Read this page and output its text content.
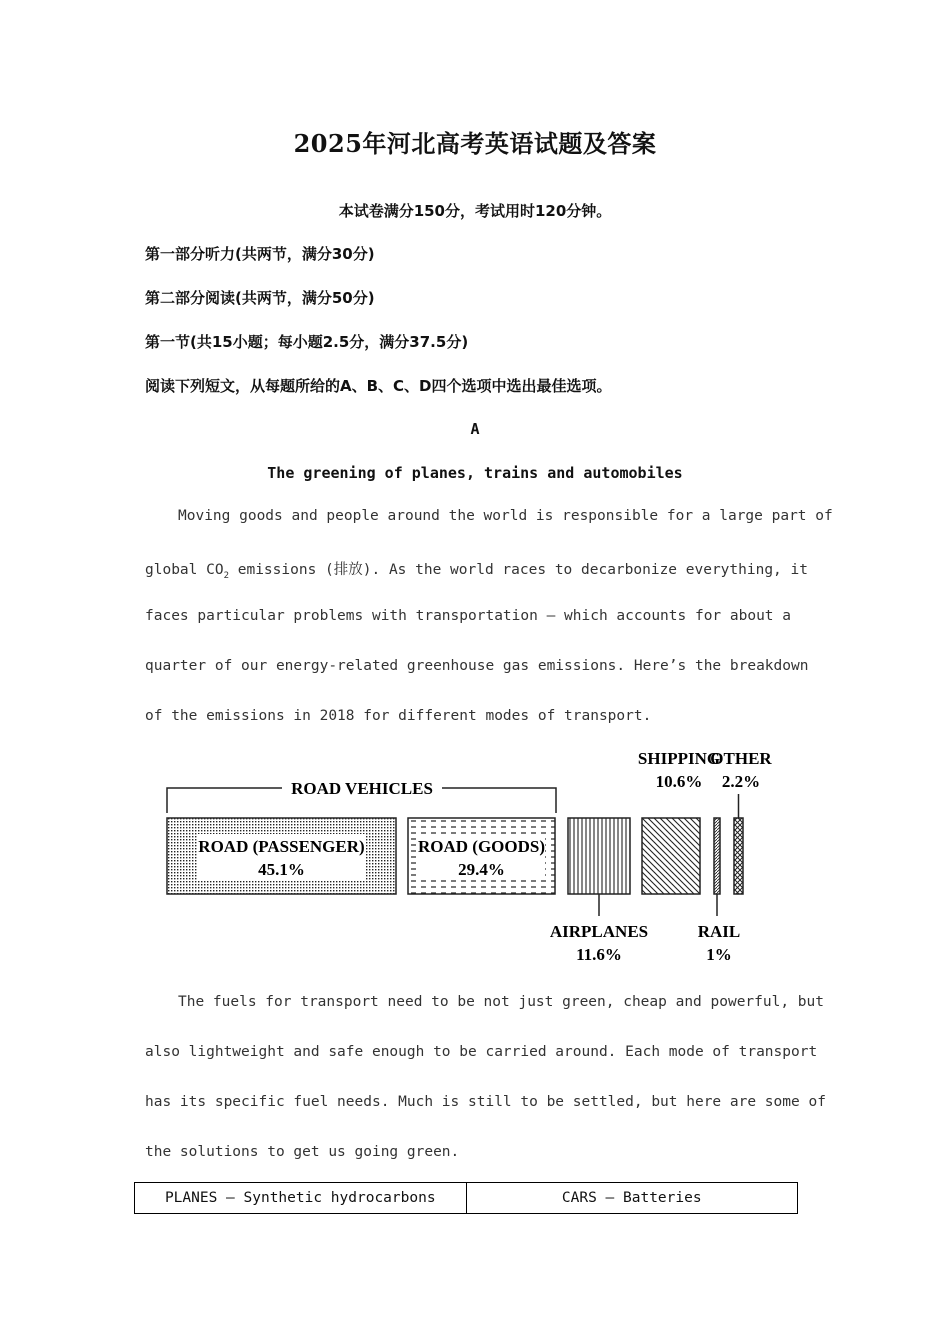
2025年河北高考英语试题及答案
本试卷满分150分，考试用时120分钟。
第一部分听力(共两节，满分30分)
第二部分阅读(共两节，满分50分)
第一节(共15小题；每小题2.5分，满分37.5分)
阅读下列短文，从每题所给的A、B、C、D四个选项中选出最佳选项。
A
The greening of planes, trains and automobiles
Moving goods and people around the world is responsible for a large part of
global $CO_2$ emissions (排放). As the world races to decarbonize everything, it
faces particular problems with transportation — which accounts for about a
quarter of our energy-related greenhouse gas emissions. Here’s the breakdown
of the emissions in 2018 for different modes of transport.
ROAD VEHICLES
ROAD (PASSENGER)
45.1%
ROAD (GOODS)
29.4%
AIRPLANES
11.6%
SHIPPING
10.6%
RAIL
1%
OTHER
2.2%
The fuels for transport need to be not just green, cheap and powerful, but
also lightweight and safe enough to be carried around. Each mode of transport
has its specific fuel needs. Much is still to be settled, but here are some of
the solutions to get us going green.
PLANES — Synthetic hydrocarbons	CARS — Batteries
